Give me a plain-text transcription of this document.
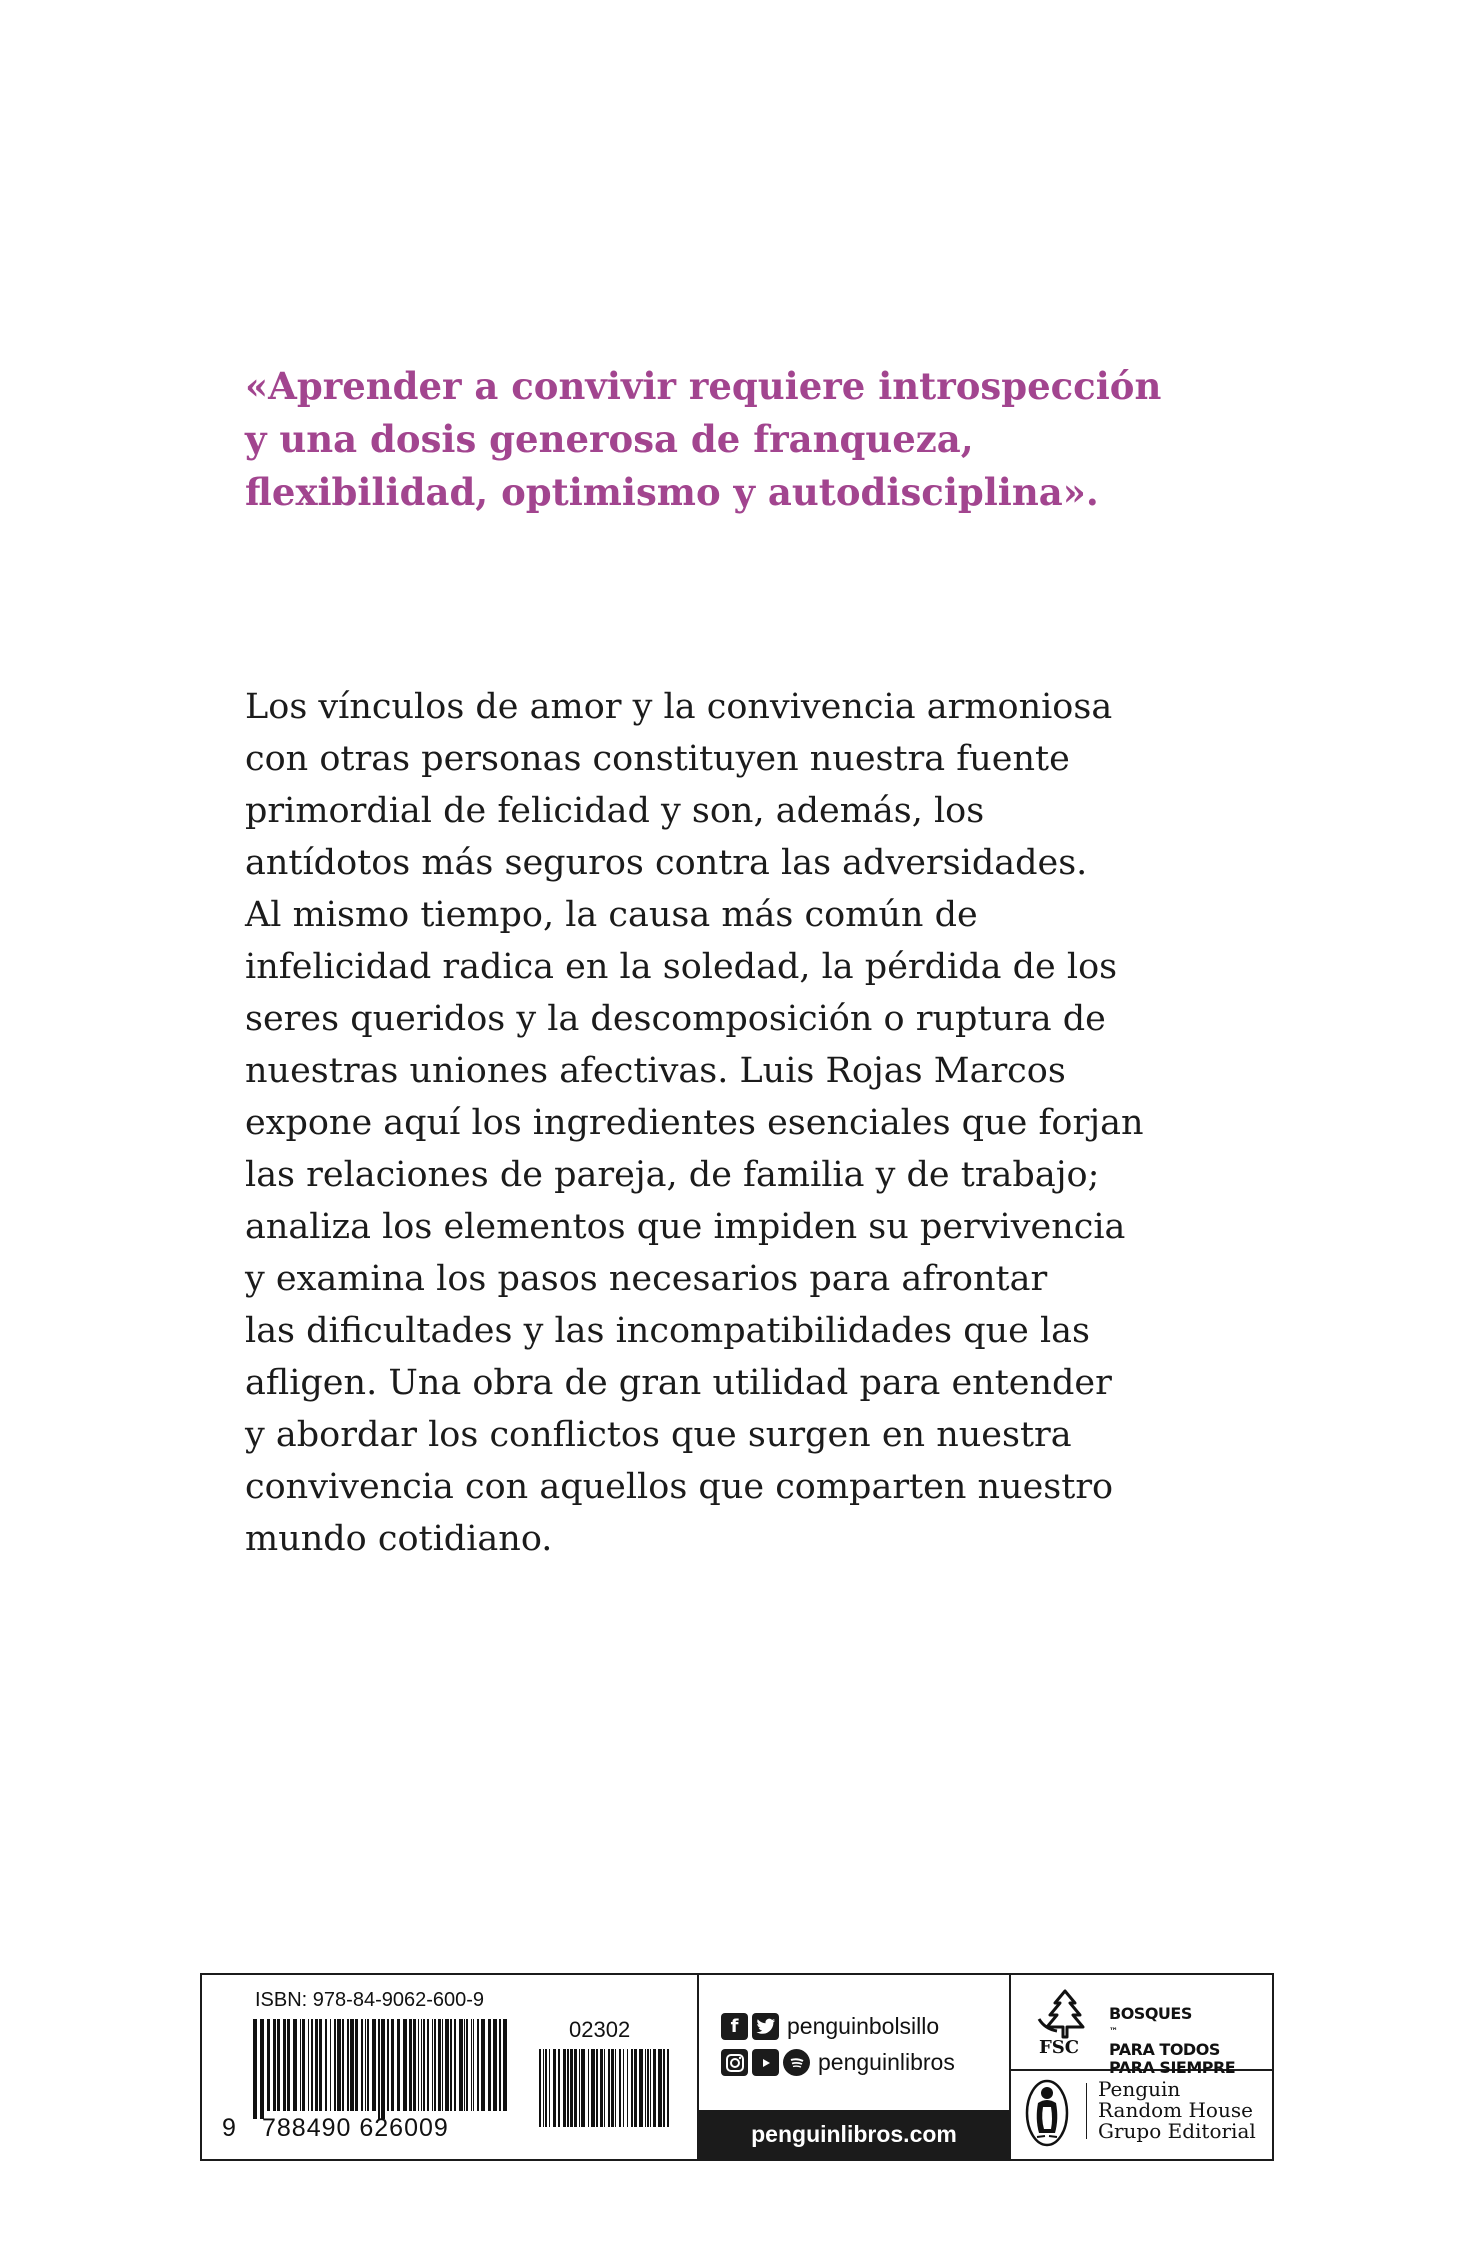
«Aprender a convivir requiere introspección
y una dosis generosa de franqueza,
flexibilidad, optimismo y autodisciplina».
Los vínculos de amor y la convivencia armoniosa
con otras personas constituyen nuestra fuente
primordial de felicidad y son, además, los
antídotos más seguros contra las adversidades.
Al mismo tiempo, la causa más común de
infelicidad radica en la soledad, la pérdida de los
seres queridos y la descomposición o ruptura de
nuestras uniones afectivas. Luis Rojas Marcos
expone aquí los ingredientes esenciales que forjan
las relaciones de pareja, de familia y de trabajo;
analiza los elementos que impiden su pervivencia
y examina los pasos necesarios para afrontar
las dificultades y las incompatibilidades que las
afligen. Una obra de gran utilidad para entender
y abordar los conflictos que surgen en nuestra
convivencia con aquellos que comparten nuestro
mundo cotidiano.
ISBN: 978-84-9062-600-9
02302
9 788490 626009
f	penguinbolsillo
penguinlibros
penguinlibros.com
FSC
BOSQUES
™
PARA TODOS
PARA SIEMPRE
Penguin
Random House
Grupo Editorial
